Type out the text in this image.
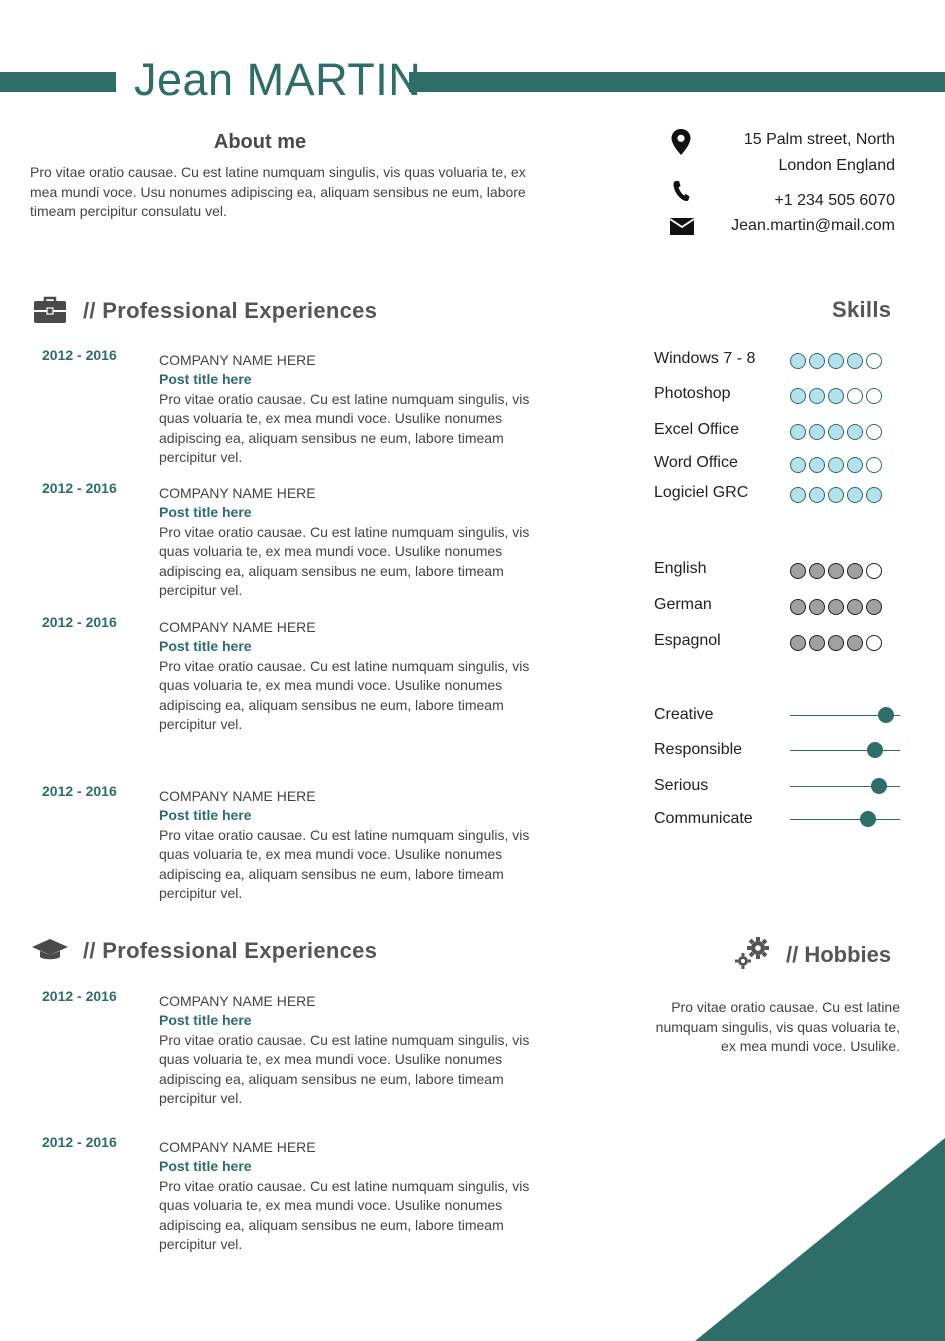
Jean MARTIN
About me
Pro vitae oratio causae. Cu est latine numquam singulis, vis quas voluaria te, ex mea mundi voce. Usu nonumes adipiscing ea, aliquam sensibus ne eum, labore timeam percipitur consulatu vel.
15 Palm street, North
London England
+1 234 505 6070
Jean.martin@mail.com
// Professional Experiences
2012 - 2016	COMPANY NAME HERE
Post title here
Pro vitae oratio causae. Cu est latine numquam singulis, vis quas voluaria te, ex mea mundi voce. Usulike nonumes adipiscing ea, aliquam sensibus ne eum, labore timeam percipitur vel.
2012 - 2016	COMPANY NAME HERE
Post title here
Pro vitae oratio causae. Cu est latine numquam singulis, vis quas voluaria te, ex mea mundi voce. Usulike nonumes adipiscing ea, aliquam sensibus ne eum, labore timeam percipitur vel.
2012 - 2016	COMPANY NAME HERE
Post title here
Pro vitae oratio causae. Cu est latine numquam singulis, vis quas voluaria te, ex mea mundi voce. Usulike nonumes adipiscing ea, aliquam sensibus ne eum, labore timeam percipitur vel.
2012 - 2016	COMPANY NAME HERE
Post title here
Pro vitae oratio causae. Cu est latine numquam singulis, vis quas voluaria te, ex mea mundi voce. Usulike nonumes adipiscing ea, aliquam sensibus ne eum, labore timeam percipitur vel.
// Professional Experiences
2012 - 2016	COMPANY NAME HERE
Post title here
Pro vitae oratio causae. Cu est latine numquam singulis, vis quas voluaria te, ex mea mundi voce. Usulike nonumes adipiscing ea, aliquam sensibus ne eum, labore timeam percipitur vel.
2012 - 2016	COMPANY NAME HERE
Post title here
Pro vitae oratio causae. Cu est latine numquam singulis, vis quas voluaria te, ex mea mundi voce. Usulike nonumes adipiscing ea, aliquam sensibus ne eum, labore timeam percipitur vel.
Skills
Windows 7 - 8
Photoshop
Excel Office
Word Office
Logiciel GRC
English
German
Espagnol
Creative
Responsible
Serious
Communicate
// Hobbies
Pro vitae oratio causae. Cu est latine numquam singulis, vis quas voluaria te, ex mea mundi voce. Usulike.
